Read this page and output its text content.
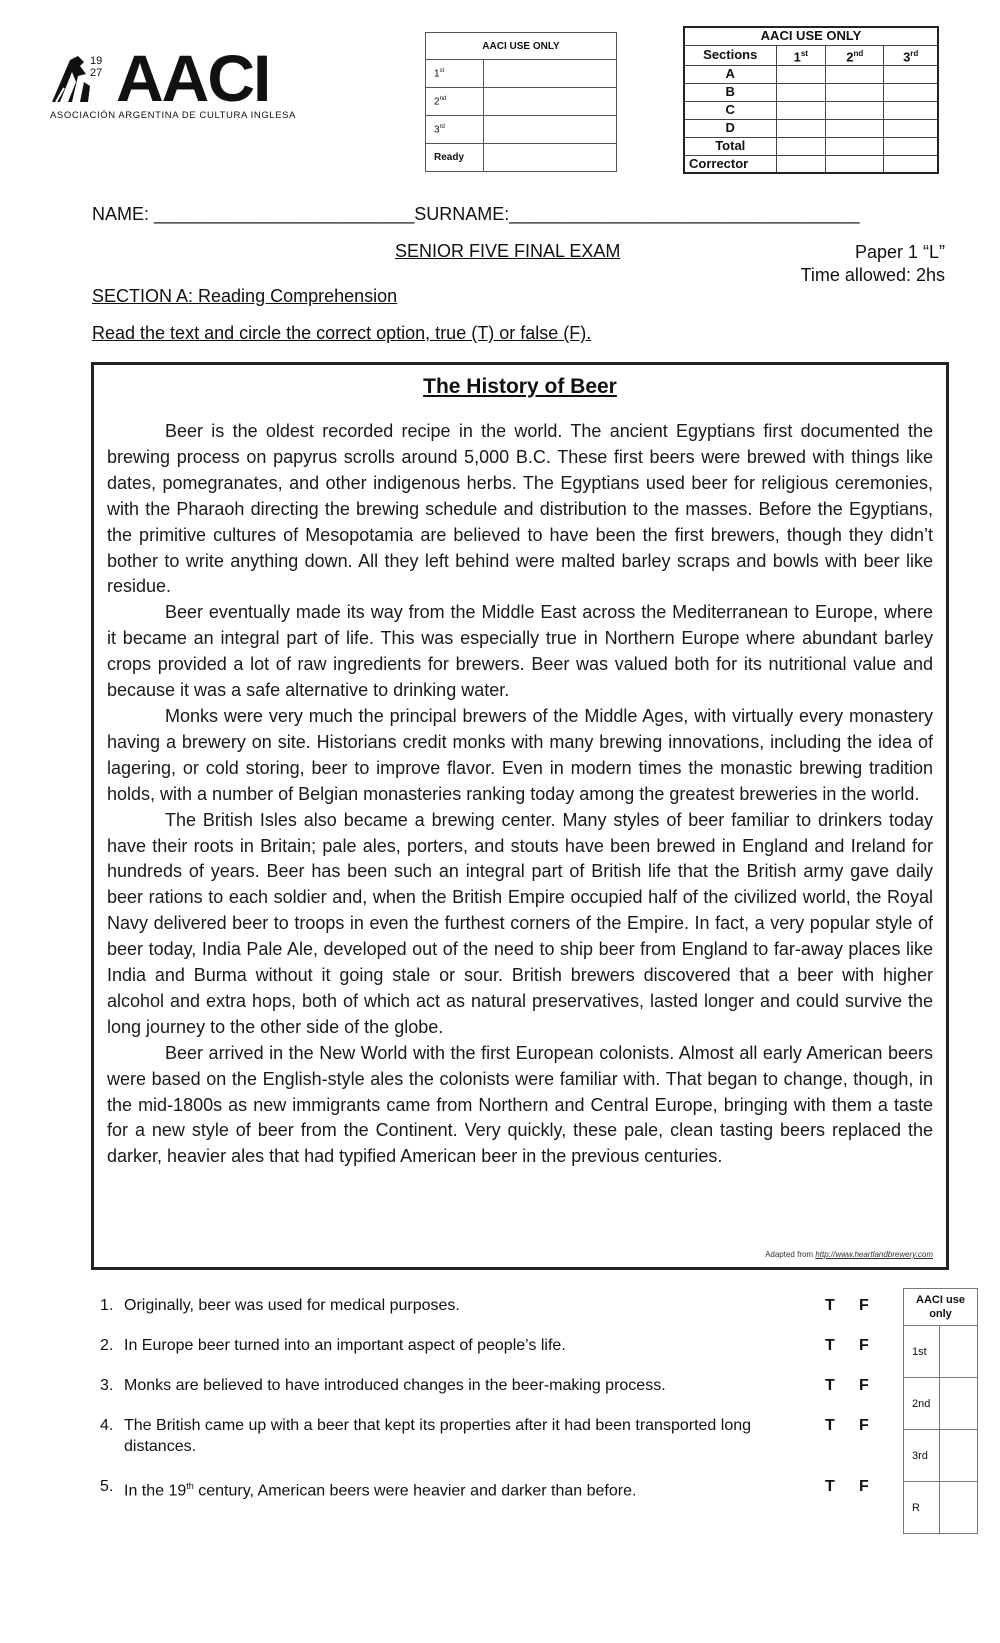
19
27 AACI
ASOCIACIÓN ARGENTINA DE CULTURA INGLESA
AACI USE ONLY	
1st	
2nd	
3rd	
Ready	
AACI USE ONLY			
Sections	1st	2nd	3rd
A			
B			
C			
D			
Total			
Corrector			
NAME: __________________________SURNAME:___________________________________
SENIOR FIVE FINAL EXAM	Paper 1 “L”
Time allowed: 2hs
SECTION A: Reading Comprehension
Read the text and circle the correct option, true (T) or false (F).
The History of Beer

Beer is the oldest recorded recipe in the world. The ancient Egyptians first documented the brewing process on papyrus scrolls around 5,000 B.C. These first beers were brewed with things like dates, pomegranates, and other indigenous herbs. The Egyptians used beer for religious ceremonies, with the Pharaoh directing the brewing schedule and distribution to the masses. Before the Egyptians, the primitive cultures of Mesopotamia are believed to have been the first brewers, though they didn’t bother to write anything down. All they left behind were malted barley scraps and bowls with beer like residue.

Beer eventually made its way from the Middle East across the Mediterranean to Europe, where it became an integral part of life. This was especially true in Northern Europe where abundant barley crops provided a lot of raw ingredients for brewers. Beer was valued both for its nutritional value and because it was a safe alternative to drinking water.

Monks were very much the principal brewers of the Middle Ages, with virtually every monastery having a brewery on site. Historians credit monks with many brewing innovations, including the idea of lagering, or cold storing, beer to improve flavor. Even in modern times the monastic brewing tradition holds, with a number of Belgian monasteries ranking today among the greatest breweries in the world.

The British Isles also became a brewing center. Many styles of beer familiar to drinkers today have their roots in Britain; pale ales, porters, and stouts have been brewed in England and Ireland for hundreds of years. Beer has been such an integral part of British life that the British army gave daily beer rations to each soldier and, when the British Empire occupied half of the civilized world, the Royal Navy delivered beer to troops in even the furthest corners of the Empire. In fact, a very popular style of beer today, India Pale Ale, developed out of the need to ship beer from England to far-away places like India and Burma without it going stale or sour. British brewers discovered that a beer with higher alcohol and extra hops, both of which act as natural preservatives, lasted longer and could survive the long journey to the other side of the globe.

Beer arrived in the New World with the first European colonists. Almost all early American beers were based on the English-style ales the colonists were familiar with. That began to change, though, in the mid-1800s as new immigrants came from Northern and Central Europe, bringing with them a taste for a new style of beer from the Continent. Very quickly, these pale, clean tasting beers replaced the darker, heavier ales that had typified American beer in the previous centuries.

Adapted from http://www.heartlandbrewery.com
1. Originally, beer was used for medical purposes.	T F
2. In Europe beer turned into an important aspect of people’s life.	T F
3. Monks are believed to have introduced changes in the beer-making process.	T F
4. The British came up with a beer that kept its properties after it had been transported long distances.
T F
5. In the 19th century, American beers were heavier and darker than before.	T F
AACI use only	
1st	
2nd	
3rd	
R	
